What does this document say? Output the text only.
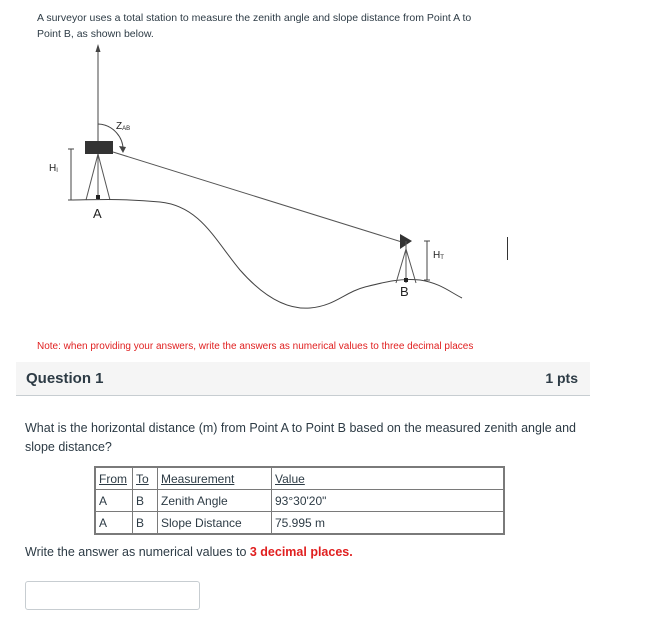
A surveyor uses a total station to measure the zenith angle and slope distance from Point A to Point B, as shown below.
ZAB
HI
A
HT
B
Note: when providing your answers, write the answers as numerical values to three decimal places
Question 1	1 pts
What is the horizontal distance (m) from Point A to Point B based on the measured zenith angle and slope distance?
From	To	Measurement	Value
A	B	Zenith Angle	93°30'20"
A	B	Slope Distance	75.995 m
Write the answer as numerical values to 3 decimal places.
